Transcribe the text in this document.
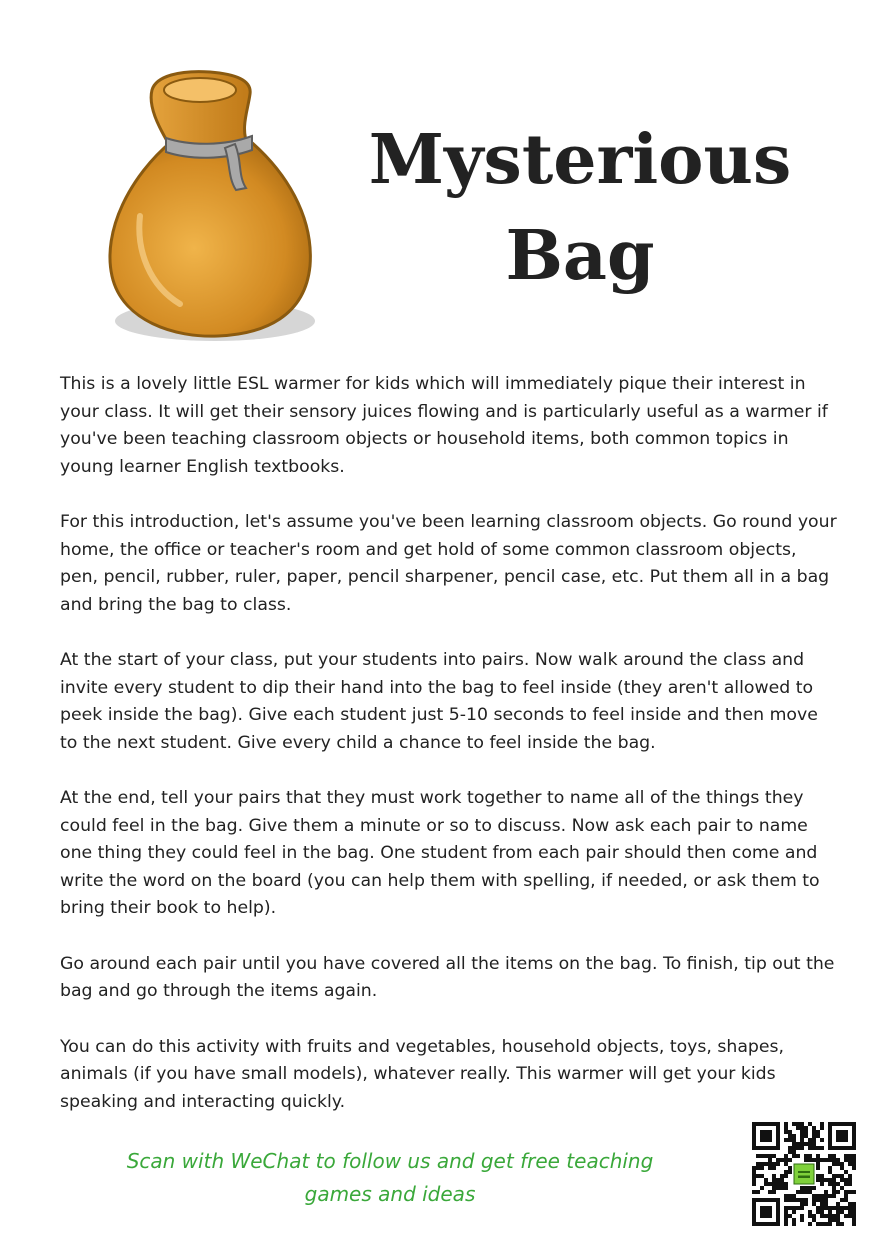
Mysterious
Bag

This is a lovely little ESL warmer for kids which will immediately pique their interest in your class. It will get their sensory juices flowing and is particularly useful as a warmer if you've been teaching classroom objects or household items, both common topics in young learner English textbooks.

For this introduction, let's assume you've been learning classroom objects. Go round your home, the office or teacher's room and get hold of some common classroom objects, pen, pencil, rubber, ruler, paper, pencil sharpener, pencil case, etc. Put them all in a bag and bring the bag to class.

At the start of your class, put your students into pairs. Now walk around the class and invite every student to dip their hand into the bag to feel inside (they aren't allowed to peek inside the bag). Give each student just 5-10 seconds to feel inside and then move to the next student. Give every child a chance to feel inside the bag.

At the end, tell your pairs that they must work together to name all of the things they could feel in the bag. Give them a minute or so to discuss. Now ask each pair to name one thing they could feel in the bag. One student from each pair should then come and write the word on the board (you can help them with spelling, if needed, or ask them to bring their book to help).

Go around each pair until you have covered all the items on the bag. To finish, tip out the bag and go through the items again.

You can do this activity with fruits and vegetables, household objects, toys, shapes, animals (if you have small models), whatever really. This warmer will get your kids speaking and interacting quickly.

Scan with WeChat to follow us and get free teaching
games and ideas
